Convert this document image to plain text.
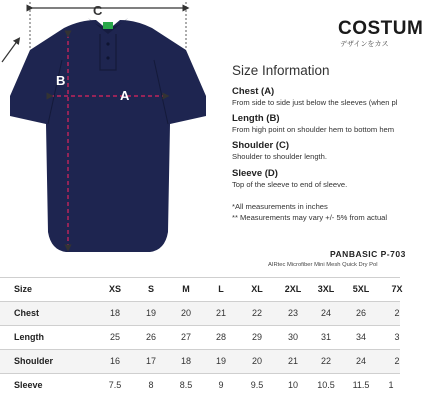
C
B
A
COSTUM
デザインをカス
Size Information
Chest (A)
From side to side just below the sleeves (when pl
Length (B)
From high point on shoulder hem to bottom hem
Shoulder (C)
Shoulder to shoulder length.
Sleeve (D)
Top of the sleeve to end of sleeve.
*All measurements in inches
** Measurements may vary +/- 5% from actual
PANBASIC P-703
AIRtec Microfiber Mini Mesh Quick Dry Pol
Size	XS	S	M	L	XL	2XL	3XL	5XL	7X
Chest	18	19	20	21	22	23	24	26	2
Length	25	26	27	28	29	30	31	34	3
Shoulder	16	17	18	19	20	21	22	24	2
Sleeve	7.5	8	8.5	9	9.5	10	10.5	11.5	1
